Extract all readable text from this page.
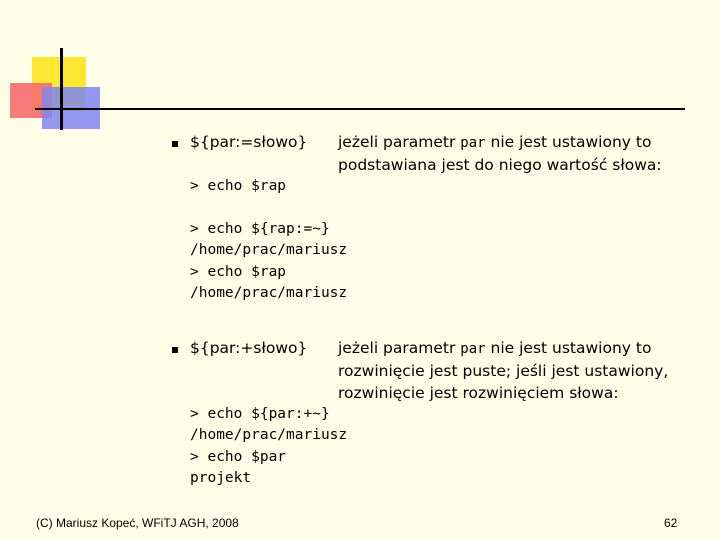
${par:=słowo} jeżeli parametr par nie jest ustawiony to
podstawiana jest do niego wartość słowa:
> echo $rap
> echo ${rap:=~}
/home/prac/mariusz
> echo $rap
/home/prac/mariusz
${par:+słowo} jeżeli parametr par nie jest ustawiony to
rozwinięcie jest puste; jeśli jest ustawiony,
rozwinięcie jest rozwinięciem słowa:
> echo ${par:+~}
/home/prac/mariusz
> echo $par
projekt
(C) Mariusz Kopeć, WFiTJ AGH, 2008	62
